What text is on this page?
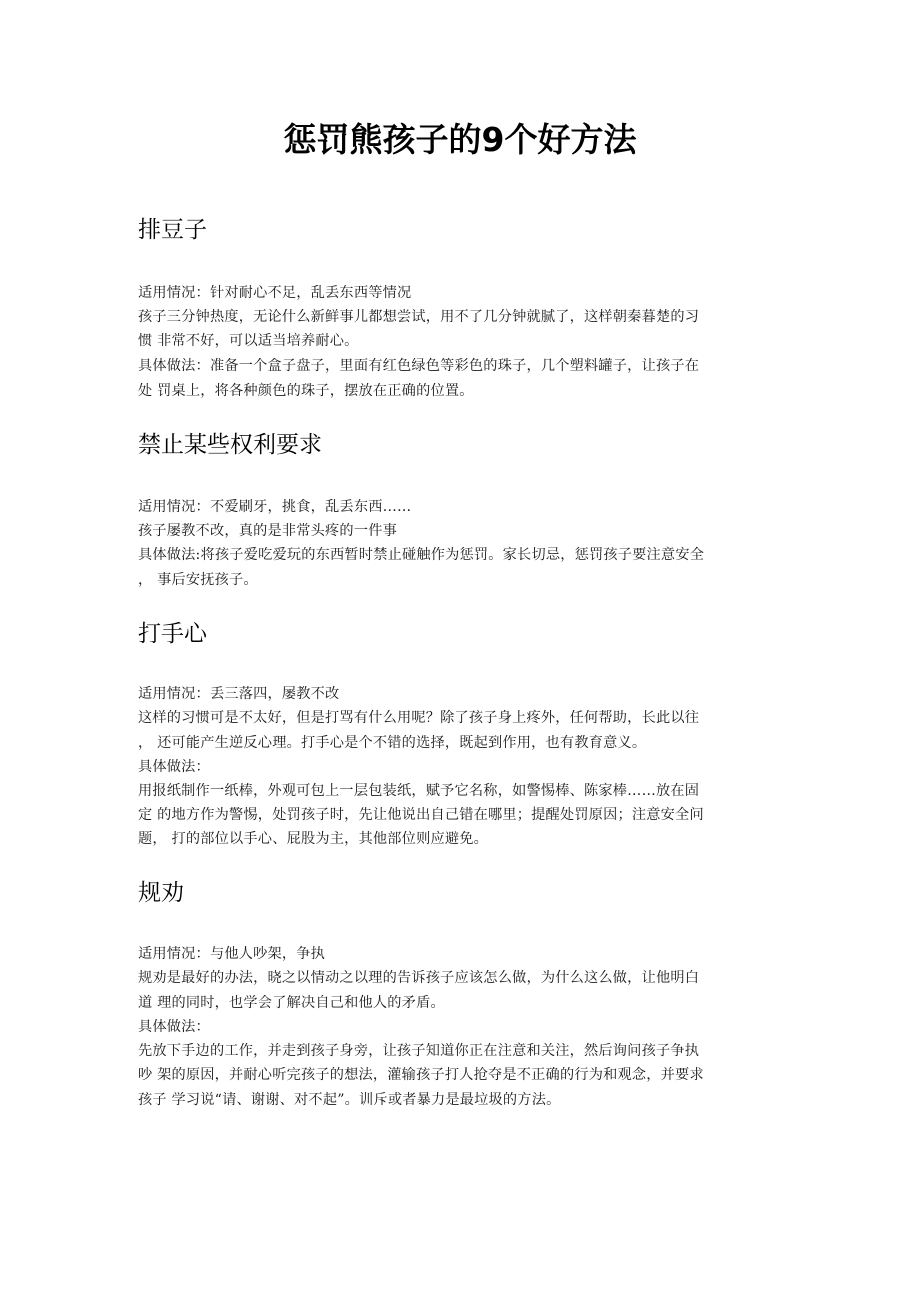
惩罚熊孩子的9个好方法
排豆子
适用情况：针对耐心不足，乱丢东西等情况
孩子三分钟热度，无论什么新鲜事儿都想尝试，用不了几分钟就腻了，这样朝秦暮楚的习
惯 非常不好，可以适当培养耐心。
具体做法：准备一个盒子盘子，里面有红色绿色等彩色的珠子，几个塑料罐子，让孩子在
处 罚桌上，将各种颜色的珠子，摆放在正确的位置。
禁止某些权利要求
适用情况：不爱刷牙，挑食，乱丢东西……
孩子屡教不改，真的是非常头疼的一件事
具体做法:将孩子爱吃爱玩的东西暂时禁止碰触作为惩罚。家长切忌，惩罚孩子要注意安全
， 事后安抚孩子。
打手心
适用情况：丢三落四，屡教不改
这样的习惯可是不太好，但是打骂有什么用呢？除了孩子身上疼外，任何帮助，长此以往
， 还可能产生逆反心理。打手心是个不错的选择，既起到作用，也有教育意义。
具体做法：
用报纸制作一纸棒，外观可包上一层包装纸，赋予它名称，如警惕棒、陈家棒……放在固
定 的地方作为警惕，处罚孩子时，先让他说出自己错在哪里；提醒处罚原因；注意安全问
题， 打的部位以手心、屁股为主，其他部位则应避免。
规劝
适用情况：与他人吵架，争执
规劝是最好的办法，晓之以情动之以理的告诉孩子应该怎么做，为什么这么做，让他明白
道 理的同时，也学会了解决自己和他人的矛盾。
具体做法：
先放下手边的工作，并走到孩子身旁，让孩子知道你正在注意和关注，然后询问孩子争执
吵 架的原因，并耐心听完孩子的想法，灌输孩子打人抢夺是不正确的行为和观念，并要求
孩子 学习说“请、谢谢、对不起”。训斥或者暴力是最垃圾的方法。
